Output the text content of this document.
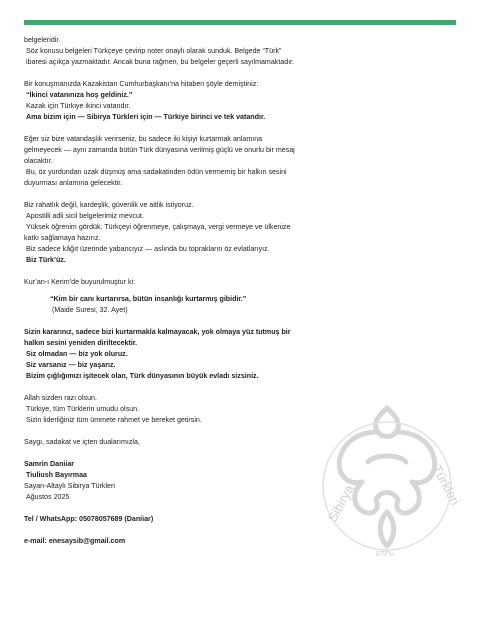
Sibirya	Türkleri
БТРЬ

belgeleridir.

Söz konusu belgeleri Türkçeye çevirip noter onaylı olarak sunduk. Belgede “Türk”

ibaresi açıkça yazmaktadır. Ancak buna rağmen, bu belgeler geçerli sayılmamaktadır.

Bir konuşmanızda Kazakistan Cumhurbaşkanı’na hitaben şöyle demiştiniz:

“İkinci vatanınıza hoş geldiniz.”

Kazak için Türkiye ikinci vatandır.

Ama bizim için — Sibirya Türkleri için — Türkiye birinci ve tek vatandır.

Eğer siz bize vatandaşlık verirseniz, bu sadece iki kişiyi kurtarmak anlamına

gelmeyecek — aynı zamanda bütün Türk dünyasına verilmiş güçlü ve onurlu bir mesaj

olacaktır.

Bu, öz yurdundan uzak düşmüş ama sadakatinden ödün vermemiş bir halkın sesini

duyurması anlamına gelecektir.

Biz rahatlık değil, kardeşlik, güvenlik ve aitlik istiyoruz.

Apostilli adli sicil belgelerimiz mevcut.

Yüksek öğrenim gördük. Türkçeyi öğrenmeye, çalışmaya, vergi vermeye ve ülkenize

katkı sağlamaya hazırız.

Biz sadece kâğıt üzerinde yabancıyız — aslında bu toprakların öz evlatlarıyız.

Biz Türk’üz.

Kur’an-ı Kerim’de buyurulmuştur ki:

“Kim bir canı kurtarırsa, bütün insanlığı kurtarmış gibidir.”

(Maide Suresi, 32. Ayet)

Sizin kararınız, sadece bizi kurtarmakla kalmayacak, yok olmaya yüz tutmuş bir

halkın sesini yeniden diriltecektir.

Siz olmadan — biz yok oluruz.

Siz varsanız — biz yaşarız.

Bizim çığlığımızı işitecek olan, Türk dünyasının büyük evladı sizsiniz.

Allah sizden razı olsun.

Türkiye, tüm Türklerin umudu olsun.

Sizin liderliğiniz tüm ümmete rahmet ve bereket getirsin.

Saygı, sadakat ve içten dualarımızla,

Samrin Daniiar

Tiuliush Bayırmaa

Sayan-Altaylı Sibirya Türkleri

Ağustos 2025

Tel / WhatsApp: 05078057689 (Daniiar)

e-mail: enesaysib@gmail.com
